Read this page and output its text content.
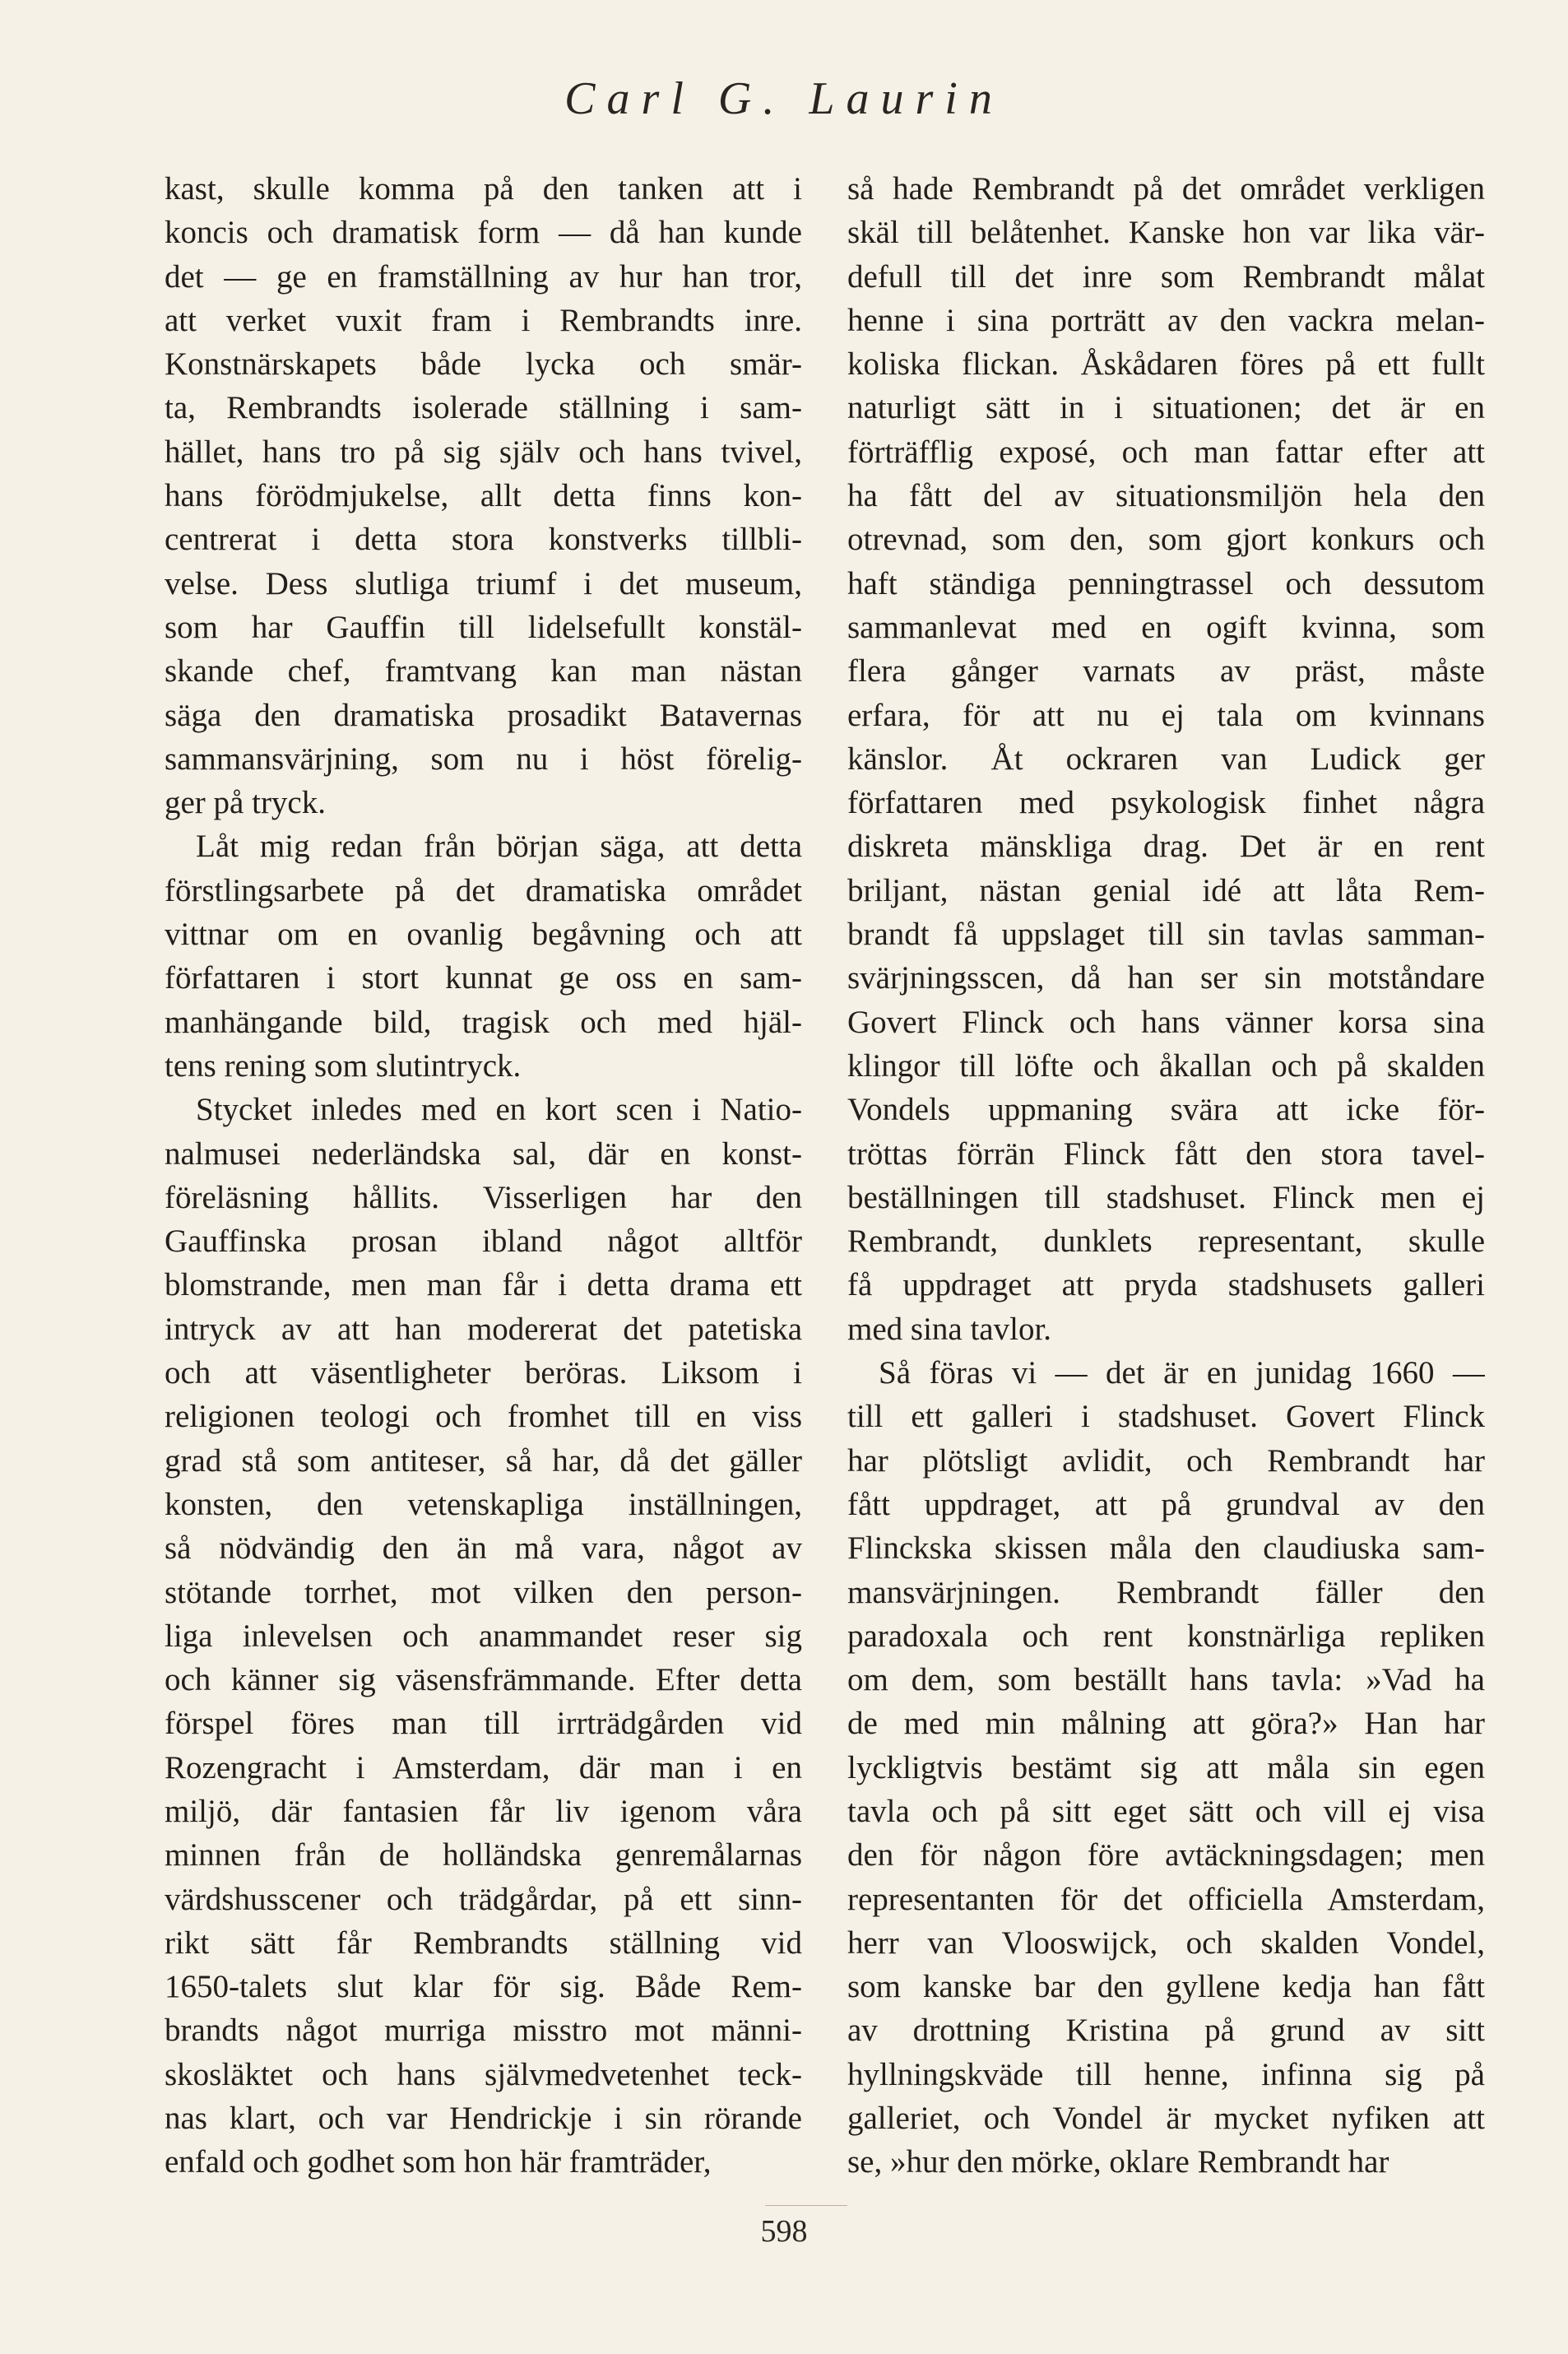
Carl G. Laurin
kast, skulle komma på den tanken att i
koncis och dramatisk form — då han kunde
det — ge en framställning av hur han tror,
att verket vuxit fram i Rembrandts inre.
Konstnärskapets både lycka och smär-
ta, Rembrandts isolerade ställning i sam-
hället, hans tro på sig själv och hans tvivel,
hans förödmjukelse, allt detta finns kon-
centrerat i detta stora konstverks tillbli-
velse. Dess slutliga triumf i det museum,
som har Gauffin till lidelsefullt konstäl-
skande chef, framtvang kan man nästan
säga den dramatiska prosadikt Batavernas
sammansvärjning, som nu i höst förelig-
ger på tryck.
Låt mig redan från början säga, att detta
förstlingsarbete på det dramatiska området
vittnar om en ovanlig begåvning och att
författaren i stort kunnat ge oss en sam-
manhängande bild, tragisk och med hjäl-
tens rening som slutintryck.
Stycket inledes med en kort scen i Natio-
nalmusei nederländska sal, där en konst-
föreläsning hållits. Visserligen har den
Gauffinska prosan ibland något alltför
blomstrande, men man får i detta drama ett
intryck av att han modererat det patetiska
och att väsentligheter beröras. Liksom i
religionen teologi och fromhet till en viss
grad stå som antiteser, så har, då det gäller
konsten, den vetenskapliga inställningen,
så nödvändig den än må vara, något av
stötande torrhet, mot vilken den person-
liga inlevelsen och anammandet reser sig
och känner sig väsensfrämmande. Efter detta
förspel föres man till irrträdgården vid
Rozengracht i Amsterdam, där man i en
miljö, där fantasien får liv igenom våra
minnen från de holländska genremålarnas
värdshusscener och trädgårdar, på ett sinn-
rikt sätt får Rembrandts ställning vid
1650-talets slut klar för sig. Både Rem-
brandts något murriga misstro mot männi-
skosläktet och hans självmedvetenhet teck-
nas klart, och var Hendrickje i sin rörande
enfald och godhet som hon här framträder,
så hade Rembrandt på det området verkligen
skäl till belåtenhet. Kanske hon var lika vär-
defull till det inre som Rembrandt målat
henne i sina porträtt av den vackra melan-
koliska flickan. Åskådaren föres på ett fullt
naturligt sätt in i situationen; det är en
förträfflig exposé, och man fattar efter att
ha fått del av situationsmiljön hela den
otrevnad, som den, som gjort konkurs och
haft ständiga penningtrassel och dessutom
sammanlevat med en ogift kvinna, som
flera gånger varnats av präst, måste
erfara, för att nu ej tala om kvinnans
känslor. Åt ockraren van Ludick ger
författaren med psykologisk finhet några
diskreta mänskliga drag. Det är en rent
briljant, nästan genial idé att låta Rem-
brandt få uppslaget till sin tavlas samman-
svärjningsscen, då han ser sin motståndare
Govert Flinck och hans vänner korsa sina
klingor till löfte och åkallan och på skalden
Vondels uppmaning svära att icke för-
tröttas förrän Flinck fått den stora tavel-
beställningen till stadshuset. Flinck men ej
Rembrandt, dunklets representant, skulle
få uppdraget att pryda stadshusets galleri
med sina tavlor.
Så föras vi — det är en junidag 1660 —
till ett galleri i stadshuset. Govert Flinck
har plötsligt avlidit, och Rembrandt har
fått uppdraget, att på grundval av den
Flinckska skissen måla den claudiuska sam-
mansvärjningen. Rembrandt fäller den
paradoxala och rent konstnärliga repliken
om dem, som beställt hans tavla: »Vad ha
de med min målning att göra?» Han har
lyckligtvis bestämt sig att måla sin egen
tavla och på sitt eget sätt och vill ej visa
den för någon före avtäckningsdagen; men
representanten för det officiella Amsterdam,
herr van Vlooswijck, och skalden Vondel,
som kanske bar den gyllene kedja han fått
av drottning Kristina på grund av sitt
hyllningskväde till henne, infinna sig på
galleriet, och Vondel är mycket nyfiken att
se, »hur den mörke, oklare Rembrandt har
598
